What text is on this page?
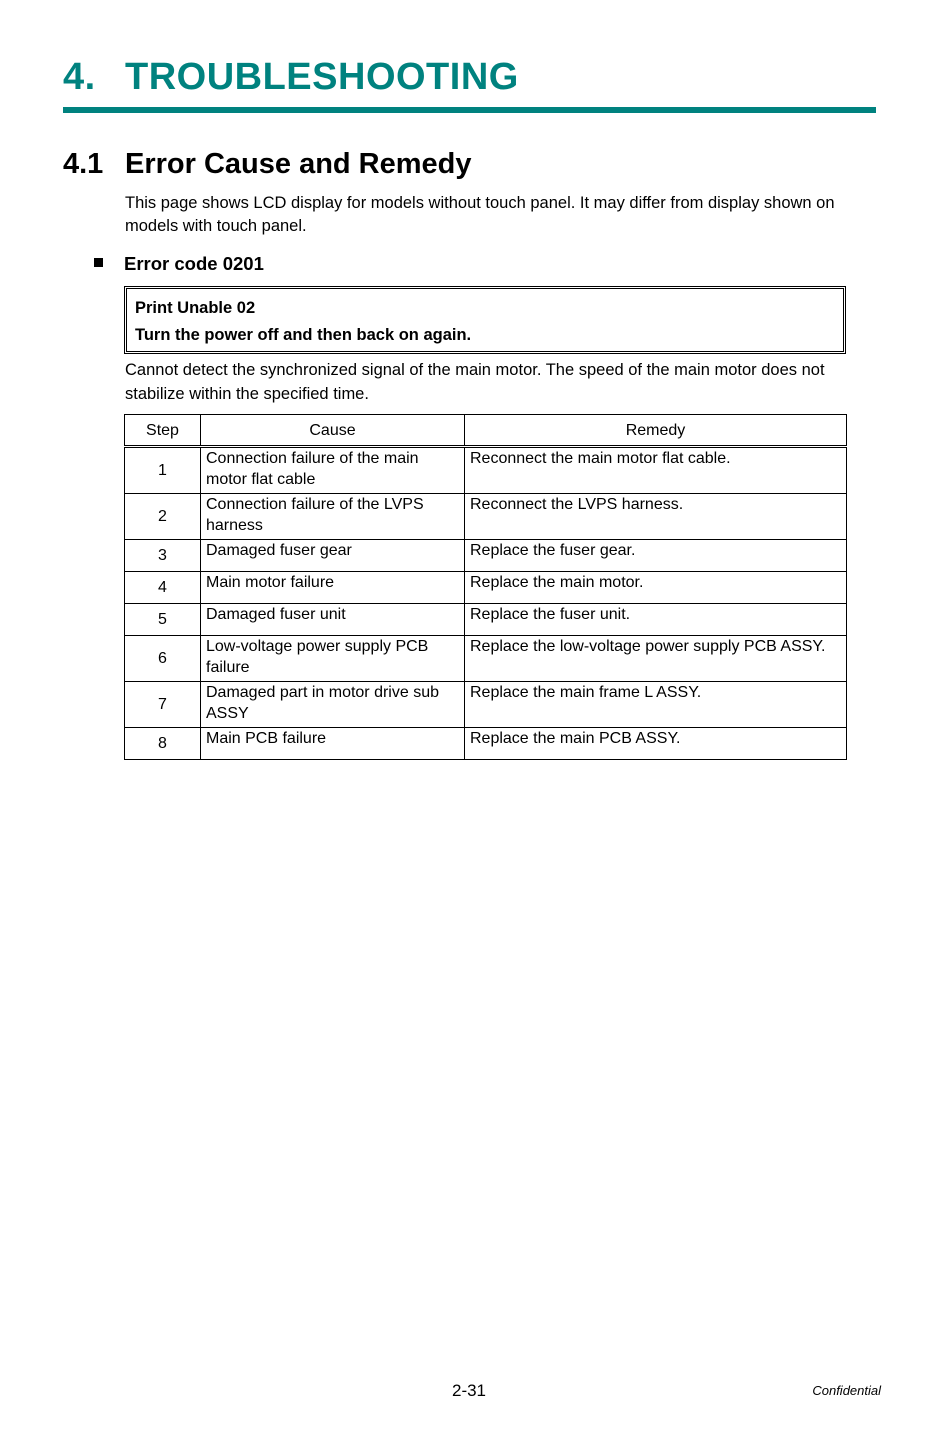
4. TROUBLESHOOTING
4.1 Error Cause and Remedy

This page shows LCD display for models without touch panel. It may differ from display shown on models with touch panel.

Error code 0201
Print Unable 02
Turn the power off and then back on again.

Cannot detect the synchronized signal of the main motor. The speed of the main motor does not stabilize within the specified time.

Step	Cause	Remedy
1	Connection failure of the main motor flat cable	Reconnect the main motor flat cable.
2	Connection failure of the LVPS harness	Reconnect the LVPS harness.
3	Damaged fuser gear	Replace the fuser gear.
4	Main motor failure	Replace the main motor.
5	Damaged fuser unit	Replace the fuser unit.
6	Low-voltage power supply PCB failure	Replace the low-voltage power supply PCB ASSY.
7	Damaged part in motor drive sub ASSY	Replace the main frame L ASSY.
8	Main PCB failure	Replace the main PCB ASSY.
2-31	Confidential
